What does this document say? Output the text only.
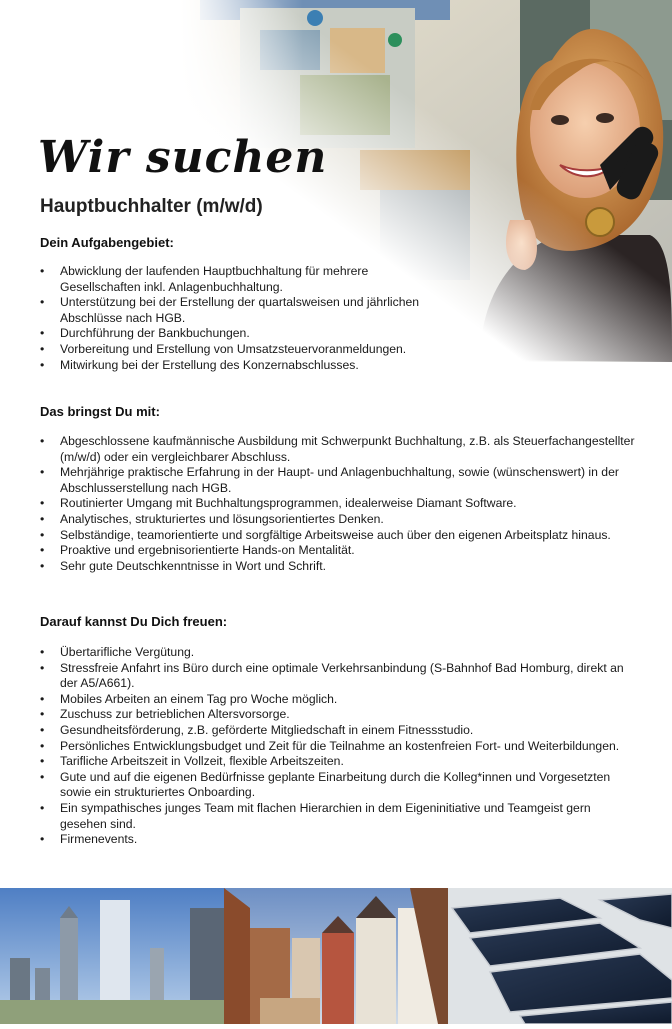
Wir suchen
Hauptbuchhalter (m/w/d)
Dein Aufgabengebiet:
• Abwicklung der laufenden Hauptbuchhaltung für mehrere Gesellschaften inkl. Anlagenbuchhaltung.
• Unterstützung bei der Erstellung der quartalsweisen und jährlichen Abschlüsse nach HGB.
• Durchführung der Bankbuchungen.
• Vorbereitung und Erstellung von Umsatzsteuervoranmeldungen.
• Mitwirkung bei der Erstellung des Konzernabschlusses.
Das bringst Du mit:
• Abgeschlossene kaufmännische Ausbildung mit Schwerpunkt Buchhaltung, z.B. als Steuerfachangestellter (m/w/d) oder ein vergleichbarer Abschluss.
• Mehrjährige praktische Erfahrung in der Haupt- und Anlagenbuchhaltung, sowie (wünschenswert) in der Abschlusserstellung nach HGB.
• Routinierter Umgang mit Buchhaltungsprogrammen, idealerweise Diamant Software.
• Analytisches, strukturiertes und lösungsorientiertes Denken.
• Selbständige, teamorientierte und sorgfältige Arbeitsweise auch über den eigenen Arbeitsplatz hinaus.
• Proaktive und ergebnisorientierte Hands-on Mentalität.
• Sehr gute Deutschkenntnisse in Wort und Schrift.
Darauf kannst Du Dich freuen:
• Übertarifliche Vergütung.
• Stressfreie Anfahrt ins Büro durch eine optimale Verkehrsanbindung (S-Bahnhof Bad Homburg, direkt an der A5/A661).
• Mobiles Arbeiten an einem Tag pro Woche möglich.
• Zuschuss zur betrieblichen Altersvorsorge.
• Gesundheitsförderung, z.B. geförderte Mitgliedschaft in einem Fitnessstudio.
• Persönliches Entwicklungsbudget und Zeit für die Teilnahme an kostenfreien Fort- und Weiterbildungen.
• Tarifliche Arbeitszeit in Vollzeit, flexible Arbeitszeiten.
• Gute und auf die eigenen Bedürfnisse geplante Einarbeitung durch die Kolleg*innen und Vorgesetzten sowie ein strukturiertes Onboarding.
• Ein sympathisches junges Team mit flachen Hierarchien in dem Eigeninitiative und Teamgeist gern gesehen sind.
• Firmenevents.
